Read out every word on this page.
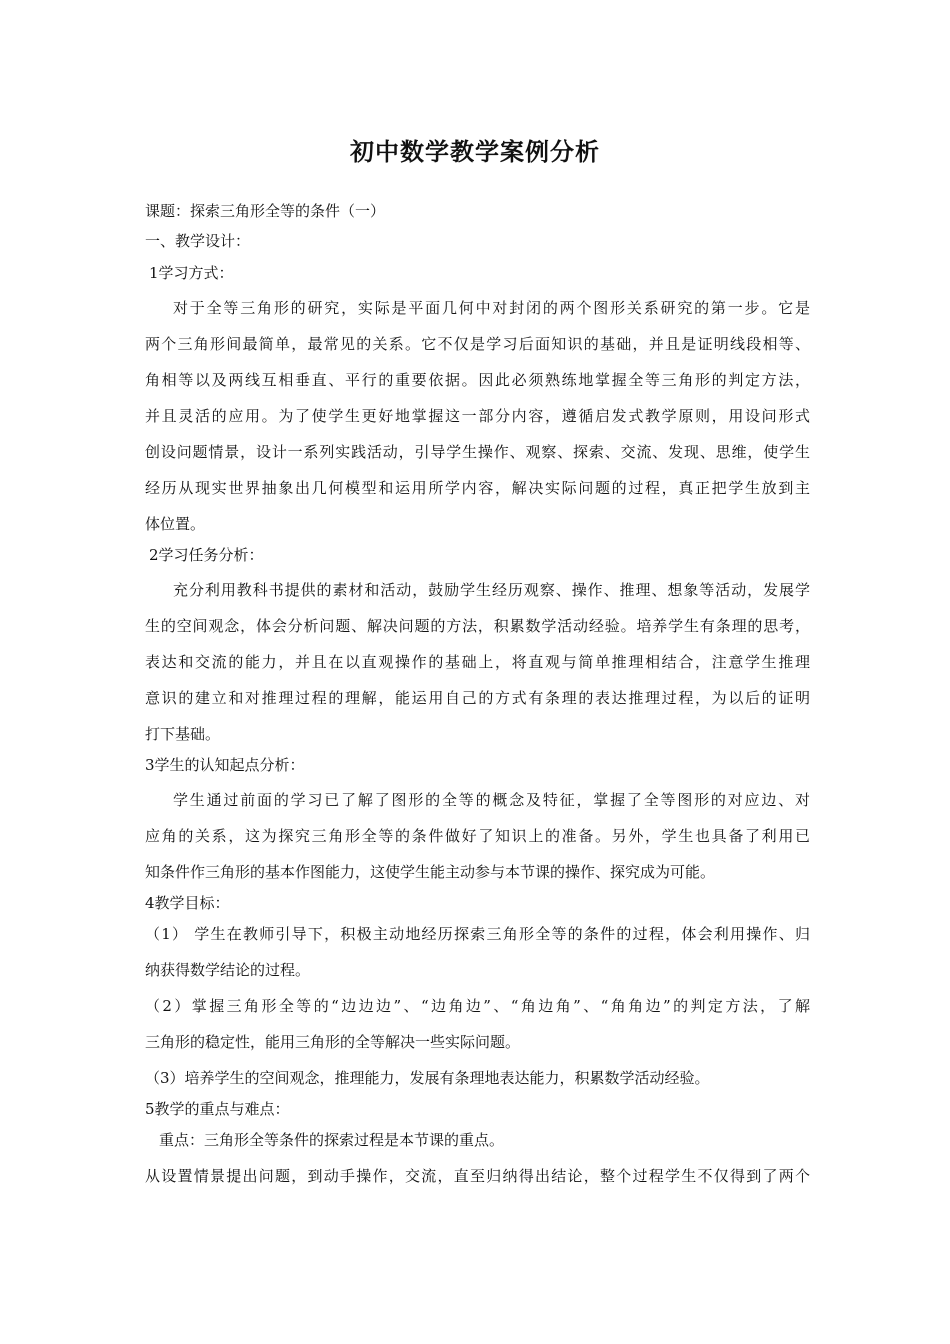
初中数学教学案例分析
课题：探索三角形全等的条件（一）
一、教学设计：
1学习方式：
对于全等三角形的研究，实际是平面几何中对封闭的两个图形关系研究的第一步。它是
两个三角形间最简单，最常见的关系。它不仅是学习后面知识的基础，并且是证明线段相等、
角相等以及两线互相垂直、平行的重要依据。因此必须熟练地掌握全等三角形的判定方法，
并且灵活的应用。为了使学生更好地掌握这一部分内容，遵循启发式教学原则，用设问形式
创设问题情景，设计一系列实践活动，引导学生操作、观察、探索、交流、发现、思维，使学生
经历从现实世界抽象出几何模型和运用所学内容，解决实际问题的过程，真正把学生放到主
体位置。
2学习任务分析：
充分利用教科书提供的素材和活动，鼓励学生经历观察、操作、推理、想象等活动，发展学
生的空间观念，体会分析问题、解决问题的方法，积累数学活动经验。培养学生有条理的思考，
表达和交流的能力，并且在以直观操作的基础上，将直观与简单推理相结合，注意学生推理
意识的建立和对推理过程的理解，能运用自己的方式有条理的表达推理过程，为以后的证明
打下基础。
3学生的认知起点分析：
学生通过前面的学习已了解了图形的全等的概念及特征，掌握了全等图形的对应边、对
应角的关系，这为探究三角形全等的条件做好了知识上的准备。另外，学生也具备了利用已
知条件作三角形的基本作图能力，这使学生能主动参与本节课的操作、探究成为可能。
4教学目标：
（1） 学生在教师引导下，积极主动地经历探索三角形全等的条件的过程，体会利用操作、归
纳获得数学结论的过程。
（2）掌握三角形全等的“边边边”、“边角边”、“角边角”、“角角边”的判定方法，了解
三角形的稳定性，能用三角形的全等解决一些实际问题。
（3）培养学生的空间观念，推理能力，发展有条理地表达能力，积累数学活动经验。
5教学的重点与难点：
重点：三角形全等条件的探索过程是本节课的重点。
从设置情景提出问题，到动手操作，交流，直至归纳得出结论，整个过程学生不仅得到了两个
